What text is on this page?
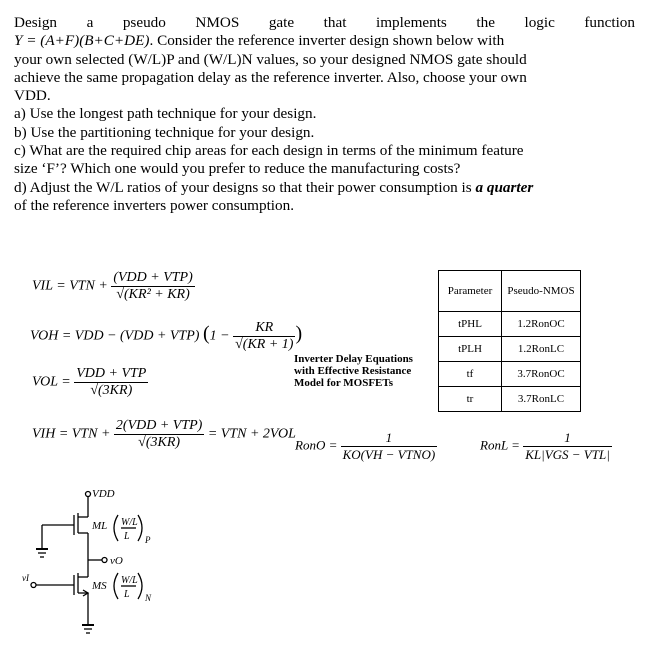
Design a pseudo NMOS gate that implements the logic function

Y = (A+F)(B+C+DE). Consider the reference inverter design shown below with

your own selected (W/L)P and (W/L)N values, so your designed NMOS gate should

achieve the same propagation delay as the reference inverter. Also, choose your own

VDD.

a) Use the longest path technique for your design.

b) Use the partitioning technique for your design.

c) What are the required chip areas for each design in terms of the minimum feature

size ‘F’? Which one would you prefer to reduce the manufacturing costs?

d) Adjust the W/L ratios of your designs so that their power consumption is a quarter

of the reference inverters power consumption.

VIL = VTN + $\frac{\text{(VDD + VTP)}}{\text{√(KR² + KR)}}$
VOH = VDD − (VDD + VTP) ($1 - \frac{KR}{√(KR + 1)}$ )
VOL = $\frac{\text{VDD + VTP}}{√(3KR)}$
VIH = VTN + $\frac{\text{2(VDD + VTP)}}{√(3KR)}$ = VTN + 2VOL
RonO = $\frac{1}{\text{KO(VH − VTNO)}}$	RonL = $\frac{1}{\text{KL|VGS − VTL|}}$
Inverter Delay Equations with Effective Resistance Model for MOSFETs	Parameter	Pseudo-NMOS
	tPHL	1.2RonOC
	tPLH	1.2RonLC
	tf	3.7RonOC
	tr	3.7RonLC
VDD
ML
MS
vO
vI
W/L
L P
W/L
L N
